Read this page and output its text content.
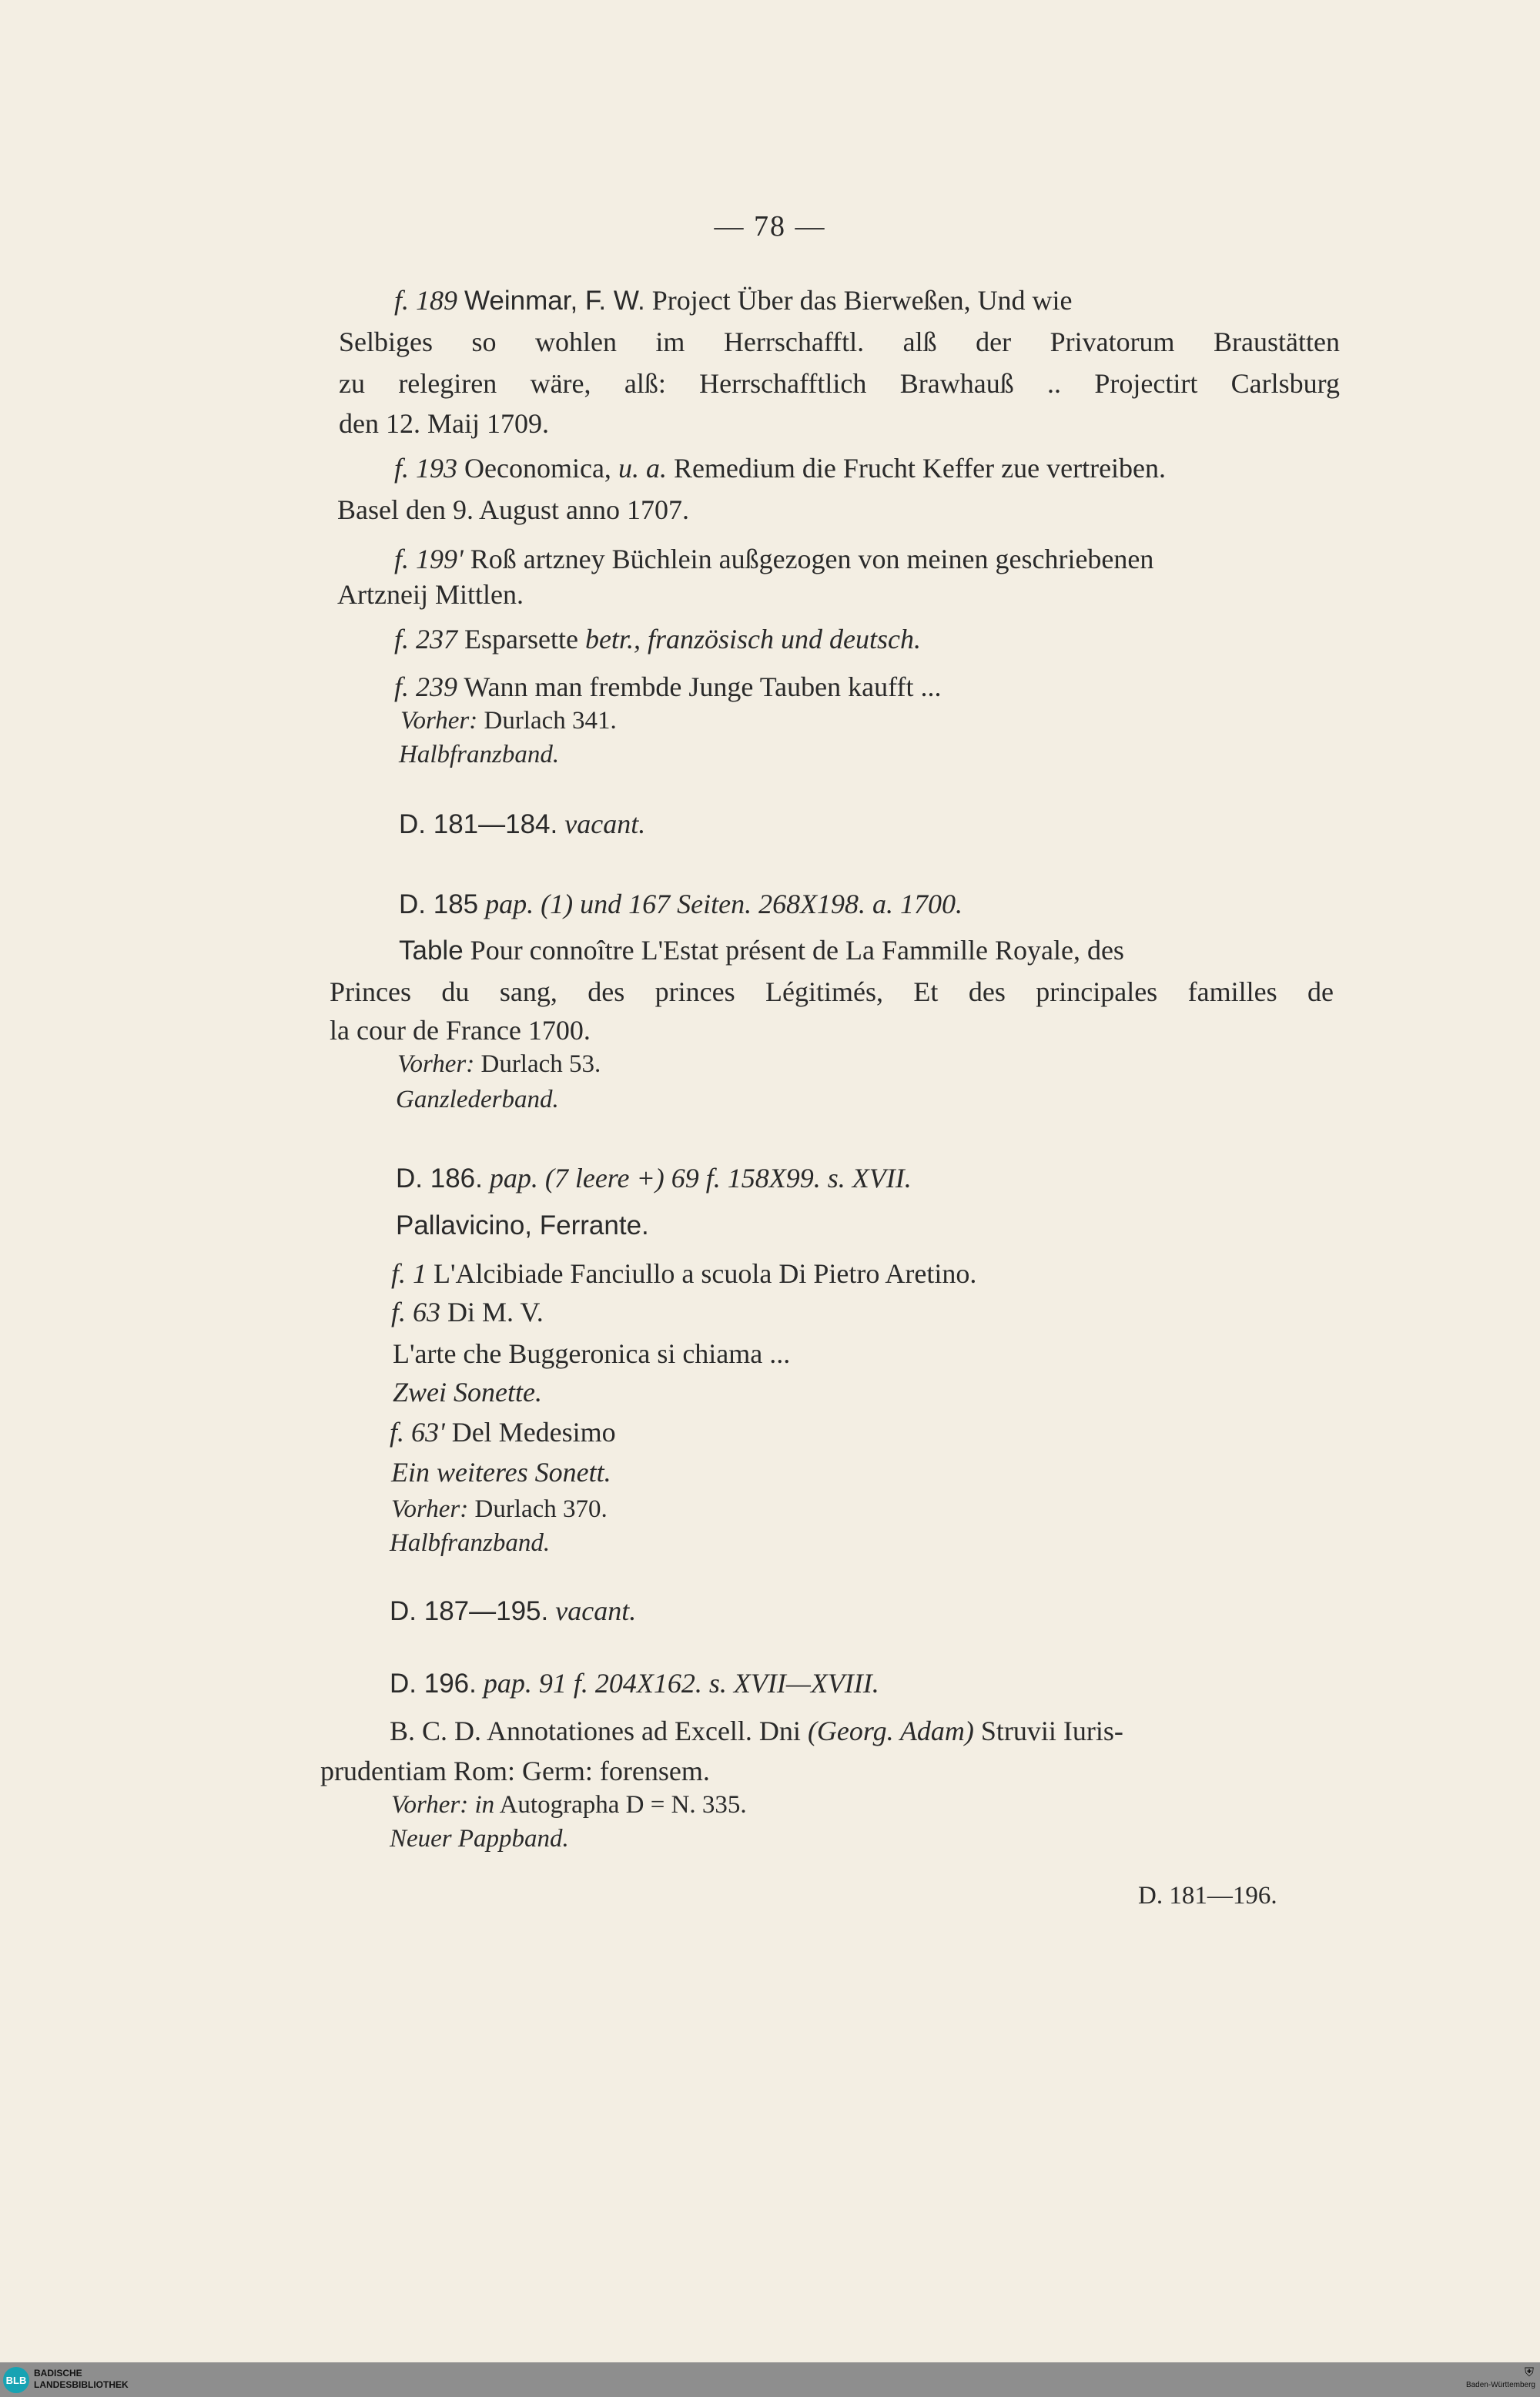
— 78 —
f. 189 Weinmar, F. W. Project Über das Bierweßen, Und wie
Selbiges so wohlen im Herrschafftl. alß der Privatorum Braustätten
zu relegiren wäre, alß: Herrschafftlich Brawhauß .. Projectirt Carlsburg
den 12. Maij 1709.
f. 193 Oeconomica, u. a. Remedium die Frucht Keffer zue vertreiben.
Basel den 9. August anno 1707.
f. 199' Roß artzney Büchlein außgezogen von meinen geschriebenen
Artzneij Mittlen.
f. 237 Esparsette betr., französisch und deutsch.
f. 239 Wann man frembde Junge Tauben kaufft ...
Vorher: Durlach 341.
Halbfranzband.
D. 181—184. vacant.
D. 185 pap. (1) und 167 Seiten. 268X198. a. 1700.
Table Pour connoître L'Estat présent de La Fammille Royale, des
Princes du sang, des princes Légitimés, Et des principales familles de
la cour de France 1700.
Vorher: Durlach 53.
Ganzlederband.
D. 186. pap. (7 leere +) 69 f. 158X99. s. XVII.
Pallavicino, Ferrante.
f. 1 L'Alcibiade Fanciullo a scuola Di Pietro Aretino.
f. 63 Di M. V.
L'arte che Buggeronica si chiama ...
Zwei Sonette.
f. 63' Del Medesimo
Ein weiteres Sonett.
Vorher: Durlach 370.
Halbfranzband.
D. 187—195. vacant.
D. 196. pap. 91 f. 204X162. s. XVII—XVIII.
B. C. D. Annotationes ad Excell. Dni (Georg. Adam) Struvii Iuris-
prudentiam Rom: Germ: forensem.
Vorher: in Autographa D = N. 335.
Neuer Pappband.
D. 181—196.
BLB
BADISCHE
LANDESBIBLIOTHEK
⛨
Baden-Württemberg
